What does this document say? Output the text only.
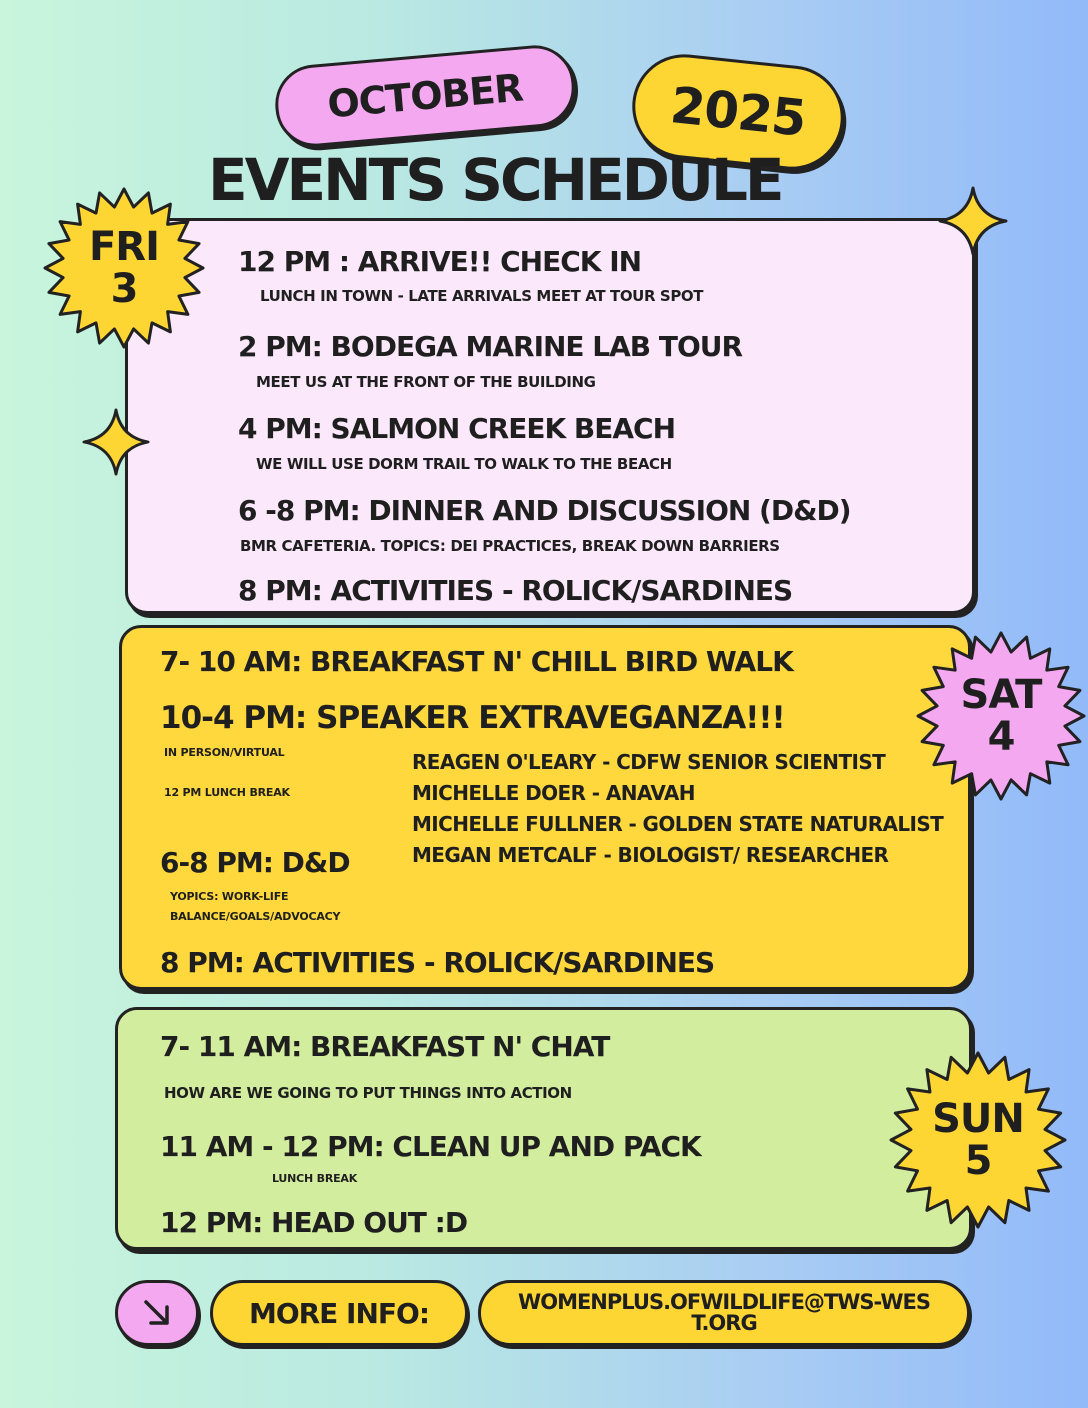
OCTOBER	2025
EVENTS SCHEDULE
12 PM : ARRIVE!! CHECK IN
LUNCH IN TOWN - LATE ARRIVALS MEET AT TOUR SPOT
2 PM: BODEGA MARINE LAB TOUR
MEET US AT THE FRONT OF THE BUILDING
4 PM: SALMON CREEK BEACH
WE WILL USE DORM TRAIL TO WALK TO THE BEACH
6 -8 PM: DINNER AND DISCUSSION (D&D)
BMR CAFETERIA. TOPICS: DEI PRACTICES, BREAK DOWN BARRIERS
8 PM: ACTIVITIES - ROLICK/SARDINES
7- 10 AM: BREAKFAST N' CHILL BIRD WALK
10-4 PM: SPEAKER EXTRAVEGANZA!!!
IN PERSON/VIRTUAL
12 PM LUNCH BREAK
REAGEN O'LEARY - CDFW SENIOR SCIENTIST
MICHELLE DOER - ANAVAH
MICHELLE FULLNER - GOLDEN STATE NATURALIST
MEGAN METCALF - BIOLOGIST/ RESEARCHER
6-8 PM: D&D
YOPICS: WORK-LIFE
BALANCE/GOALS/ADVOCACY
8 PM: ACTIVITIES - ROLICK/SARDINES
7- 11 AM: BREAKFAST N' CHAT
HOW ARE WE GOING TO PUT THINGS INTO ACTION
11 AM - 12 PM: CLEAN UP AND PACK
LUNCH BREAK
12 PM: HEAD OUT :D
FRI
3
SAT
4
SUN
5
MORE INFO:	WOMENPLUS.OFWILDLIFE@TWS-WEST.ORG
